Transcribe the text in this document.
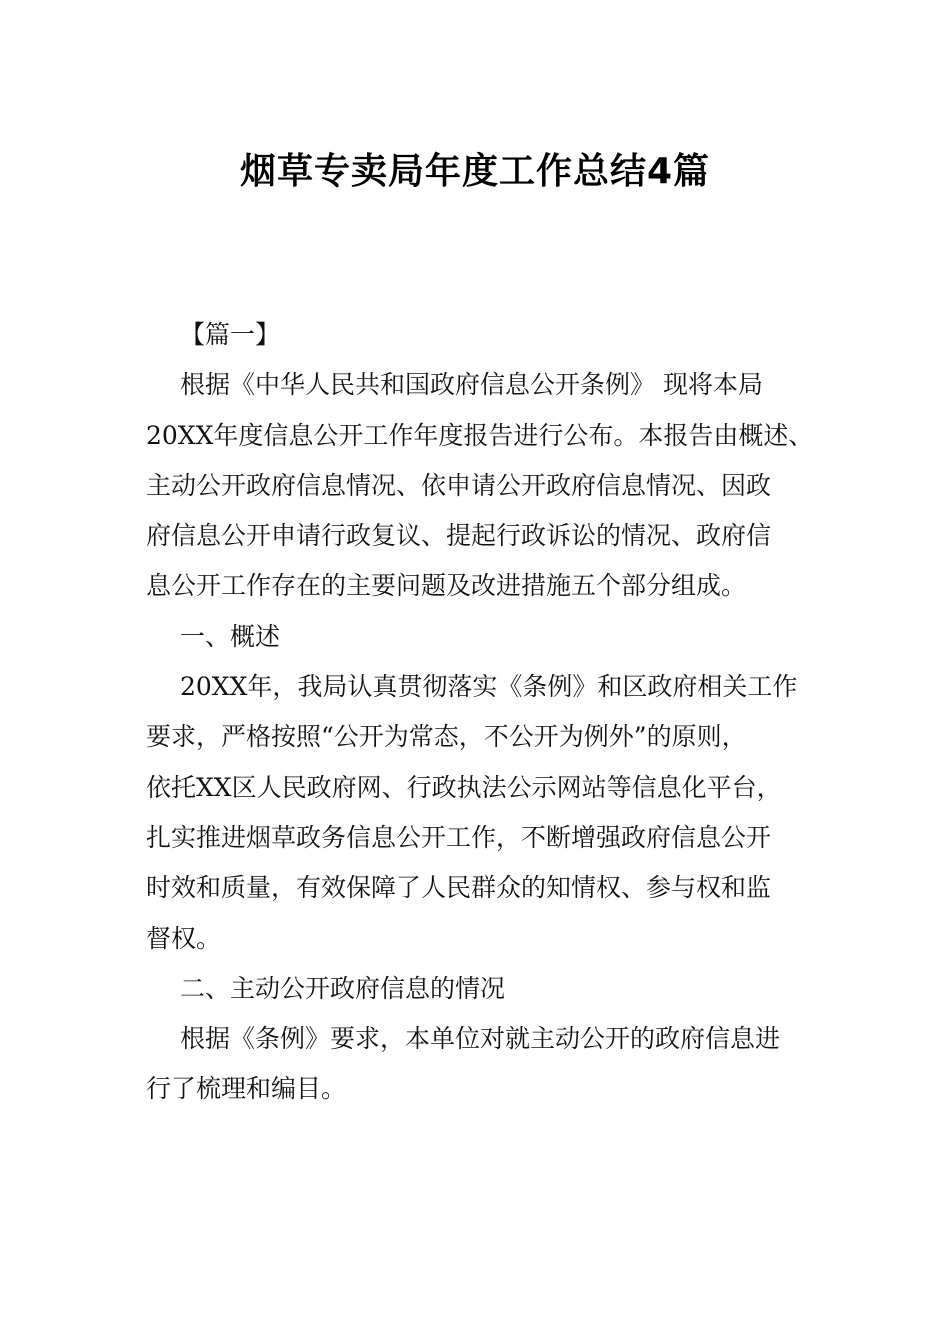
烟草专卖局年度工作总结4篇
【篇一】
根据《中华人民共和国政府信息公开条例》 现将本局
20XX年度信息公开工作年度报告进行公布。本报告由概述、
主动公开政府信息情况、依申请公开政府信息情况、因政
府信息公开申请行政复议、提起行政诉讼的情况、政府信
息公开工作存在的主要问题及改进措施五个部分组成。
一、概述
20XX年，我局认真贯彻落实《条例》和区政府相关工作
要求，严格按照“公开为常态，不公开为例外”的原则，
依托XX区人民政府网、行政执法公示网站等信息化平台，
扎实推进烟草政务信息公开工作，不断增强政府信息公开
时效和质量，有效保障了人民群众的知情权、参与权和监
督权。
二、主动公开政府信息的情况
根据《条例》要求，本单位对就主动公开的政府信息进
行了梳理和编目。
